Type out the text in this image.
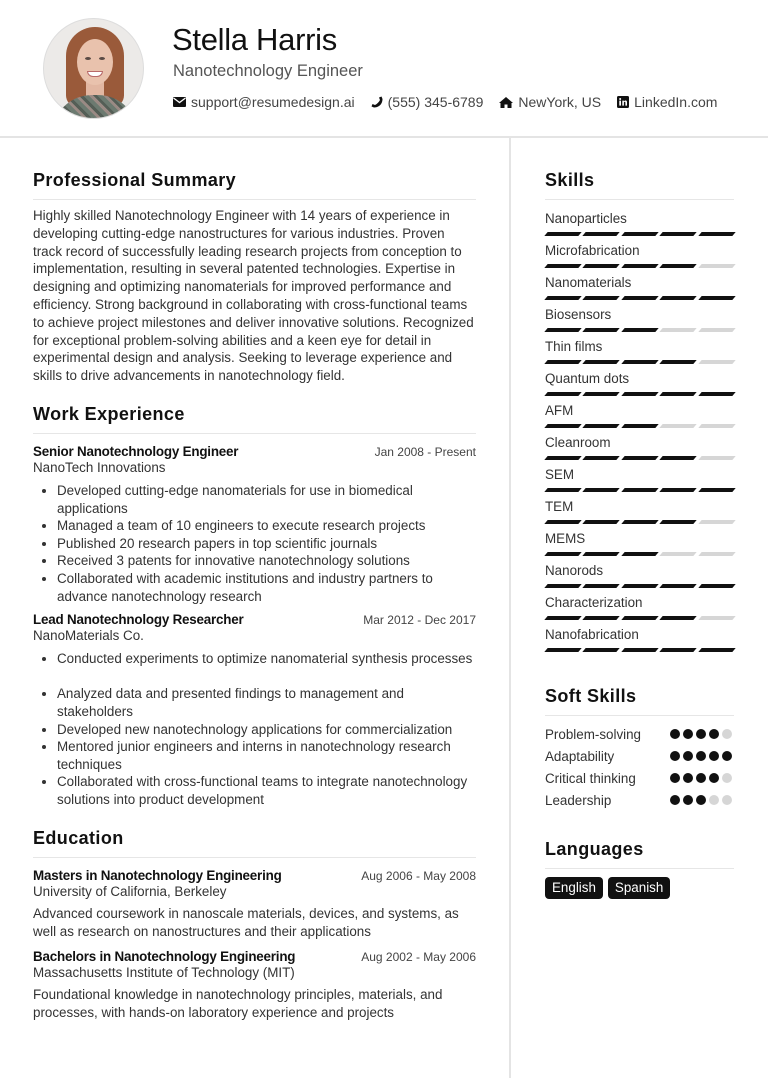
Stella Harris
Nanotechnology Engineer
support@resumedesign.ai (555) 345-6789	NewYork, US LinkedIn.com
Professional Summary

Highly skilled Nanotechnology Engineer with 14 years of experience in developing cutting-edge nanostructures for various industries. Proven track record of successfully leading research projects from conception to implementation, resulting in several patented technologies. Expertise in designing and optimizing nanomaterials for improved performance and efficiency. Strong background in collaborating with cross-functional teams to achieve project milestones and deliver innovative solutions. Recognized for exceptional problem-solving abilities and a keen eye for detail in experimental design and analysis. Seeking to leverage experience and skills to drive advancements in nanotechnology field.

Work Experience
Senior Nanotechnology Engineer	Jan 2008 - Present
NanoTech Innovations
Developed cutting-edge nanomaterials for use in biomedical applications
Managed a team of 10 engineers to execute research projects
Published 20 research papers in top scientific journals
Received 3 patents for innovative nanotechnology solutions
Collaborated with academic institutions and industry partners to advance nanotechnology research
Lead Nanotechnology Researcher	Mar 2012 - Dec 2017
NanoMaterials Co.
Conducted experiments to optimize nanomaterial synthesis processes
Analyzed data and presented findings to management and stakeholders
Developed new nanotechnology applications for commercialization
Mentored junior engineers and interns in nanotechnology research techniques
Collaborated with cross-functional teams to integrate nanotechnology solutions into product development
Education
Masters in Nanotechnology Engineering	Aug 2006 - May 2008
University of California, Berkeley

Advanced coursework in nanoscale materials, devices, and systems, as well as research on nanostructures and their applications

Bachelors in Nanotechnology Engineering	Aug 2002 - May 2006
Massachusetts Institute of Technology (MIT)

Foundational knowledge in nanotechnology principles, materials, and processes, with hands-on laboratory experience and projects

Skills
Nanoparticles
Microfabrication
Nanomaterials
Biosensors
Thin films
Quantum dots
AFM
Cleanroom
SEM
TEM
MEMS
Nanorods
Characterization
Nanofabrication
Soft Skills
Problem-solving
Adaptability
Critical thinking
Leadership
Languages
English	Spanish
